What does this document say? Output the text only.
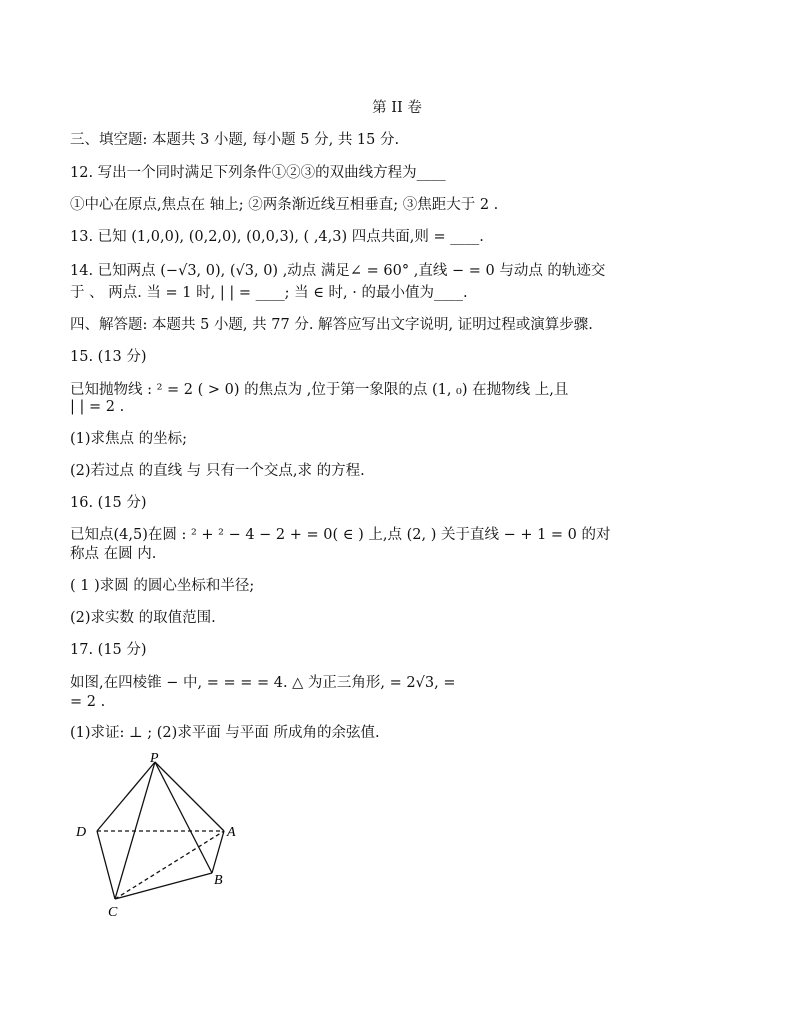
第 II 卷
三、填空题: 本题共 3 小题, 每小题 5 分, 共 15 分.
12. 写出一个同时满足下列条件①②③的双曲线方程为____
①中心在原点,焦点在 轴上; ②两条渐近线互相垂直; ③焦距大于 2 .
13. 已知 (1,0,0), (0,2,0), (0,0,3), ( ,4,3) 四点共面,则 = ____.
14. 已知两点 (−√3, 0), (√3, 0) ,动点 满足∠ = 60° ,直线 − = 0 与动点 的轨迹交
于 、 两点. 当 = 1 时, | | = ____; 当 ∈ 时, · 的最小值为____.
四、解答题: 本题共 5 小题, 共 77 分. 解答应写出文字说明, 证明过程或演算步骤.
15. (13 分)
已知抛物线 : ² = 2 ( > 0) 的焦点为 ,位于第一象限的点 (1, ₀) 在抛物线 上,且
| | = 2 .
(1)求焦点 的坐标;
(2)若过点 的直线 与 只有一个交点,求 的方程.
16. (15 分)
已知点(4,5)在圆 : ² + ² − 4 − 2 + = 0( ∈ ) 上,点 (2, ) 关于直线 − + 1 = 0 的对
称点 在圆 内.
( 1 )求圆 的圆心坐标和半径;
(2)求实数 的取值范围.
17. (15 分)
如图,在四棱锥 − 中, = = = = 4. △ 为正三角形, = 2√3, =
= 2 .
(1)求证: ⊥ ; (2)求平面 与平面 所成角的余弦值.
P
D	A
B
C
